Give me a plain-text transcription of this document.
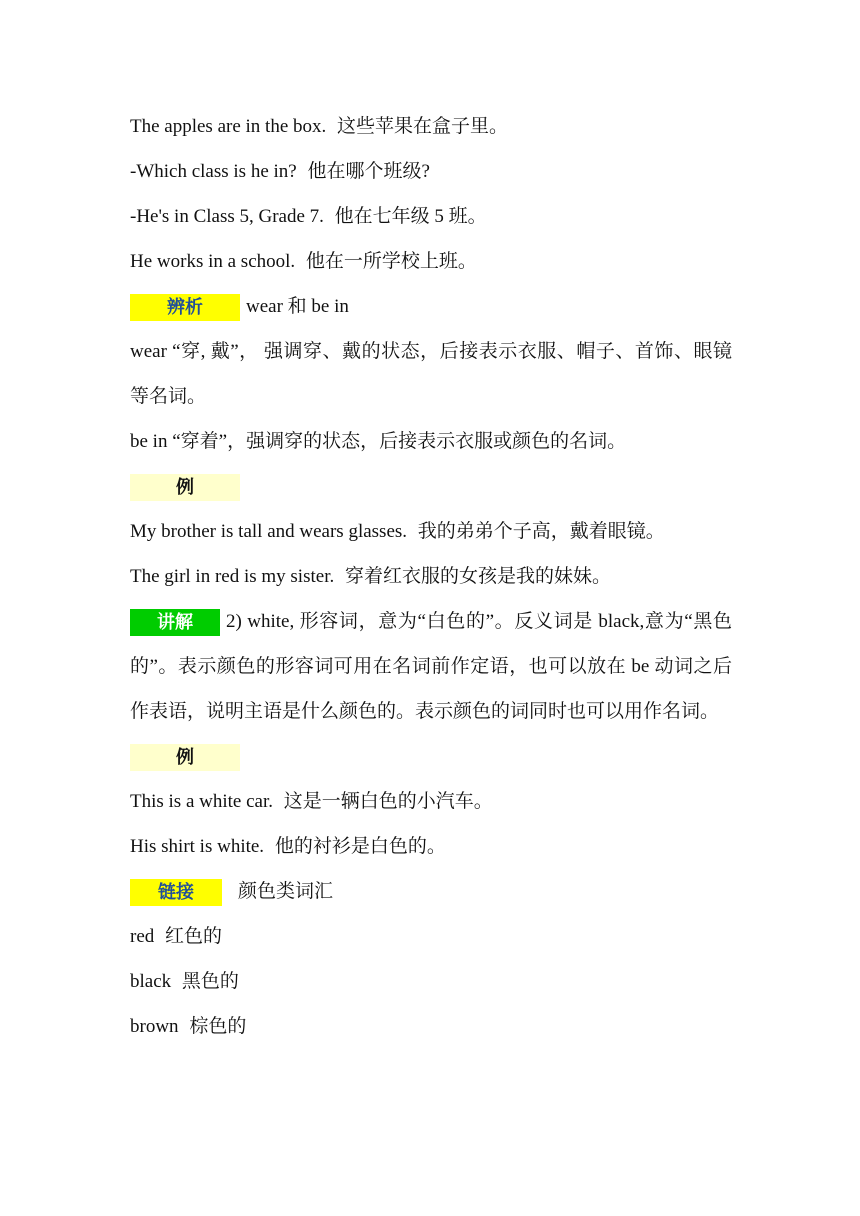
The apples are in the box. 这些苹果在盒子里。
-Which class is he in? 他在哪个班级?
-He's in Class 5, Grade 7. 他在七年级 5 班。
He works in a school. 他在一所学校上班。
辨析 wear 和 be in
wear “穿, 戴”， 强调穿、戴的状态，后接表示衣服、帽子、首饰、眼镜等名词。
be in “穿着”，强调穿的状态，后接表示衣服或颜色的名词。
例
My brother is tall and wears glasses. 我的弟弟个子高，戴着眼镜。
The girl in red is my sister. 穿着红衣服的女孩是我的妹妹。
讲解 2) white, 形容词，意为“白色的”。反义词是 black,意为“黑色的”。表示颜色的形容词可用在名词前作定语，也可以放在 be 动词之后作表语，说明主语是什么颜色的。表示颜色的词同时也可以用作名词。
例
This is a white car. 这是一辆白色的小汽车。
His shirt is white. 他的衬衫是白色的。
链接 颜色类词汇
red 红色的
black 黑色的
brown 棕色的
